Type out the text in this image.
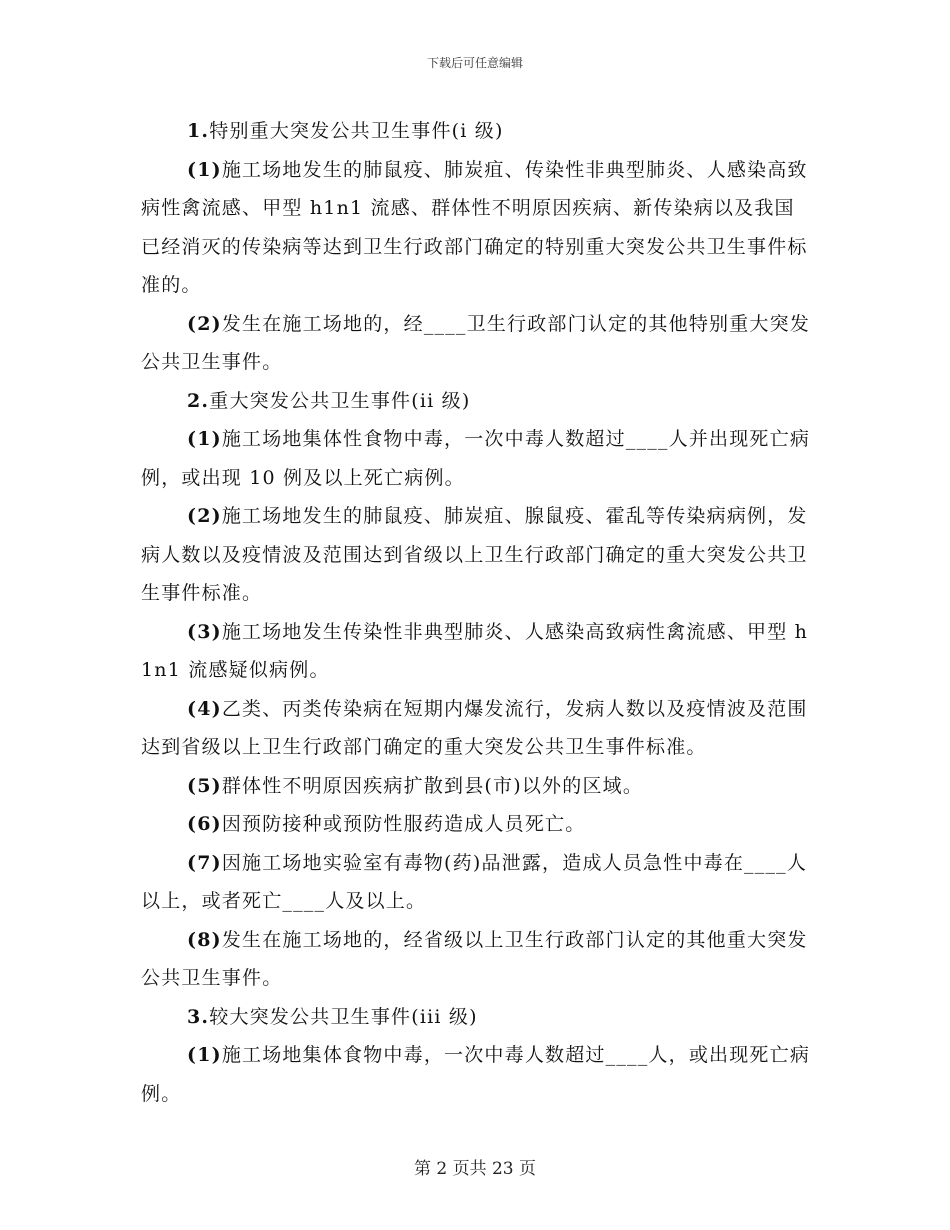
下载后可任意编辑

1.特别重大突发公共卫生事件(i 级)

(1)施工场地发生的肺鼠疫、肺炭疽、传染性非典型肺炎、人感染高致病性禽流感、甲型 h1n1 流感、群体性不明原因疾病、新传染病以及我国已经消灭的传染病等达到卫生行政部门确定的特别重大突发公共卫生事件标准的。

(2)发生在施工场地的，经____卫生行政部门认定的其他特别重大突发公共卫生事件。

2.重大突发公共卫生事件(ii 级)

(1)施工场地集体性食物中毒，一次中毒人数超过____人并出现死亡病例，或出现 10 例及以上死亡病例。

(2)施工场地发生的肺鼠疫、肺炭疽、腺鼠疫、霍乱等传染病病例，发病人数以及疫情波及范围达到省级以上卫生行政部门确定的重大突发公共卫生事件标准。

(3)施工场地发生传染性非典型肺炎、人感染高致病性禽流感、甲型 h1n1 流感疑似病例。

(4)乙类、丙类传染病在短期内爆发流行，发病人数以及疫情波及范围达到省级以上卫生行政部门确定的重大突发公共卫生事件标准。

(5)群体性不明原因疾病扩散到县(市)以外的区域。

(6)因预防接种或预防性服药造成人员死亡。

(7)因施工场地实验室有毒物(药)品泄露，造成人员急性中毒在____人以上，或者死亡____人及以上。

(8)发生在施工场地的，经省级以上卫生行政部门认定的其他重大突发公共卫生事件。

3.较大突发公共卫生事件(iii 级)

(1)施工场地集体食物中毒，一次中毒人数超过____人，或出现死亡病例。

第 2 页共 23 页
